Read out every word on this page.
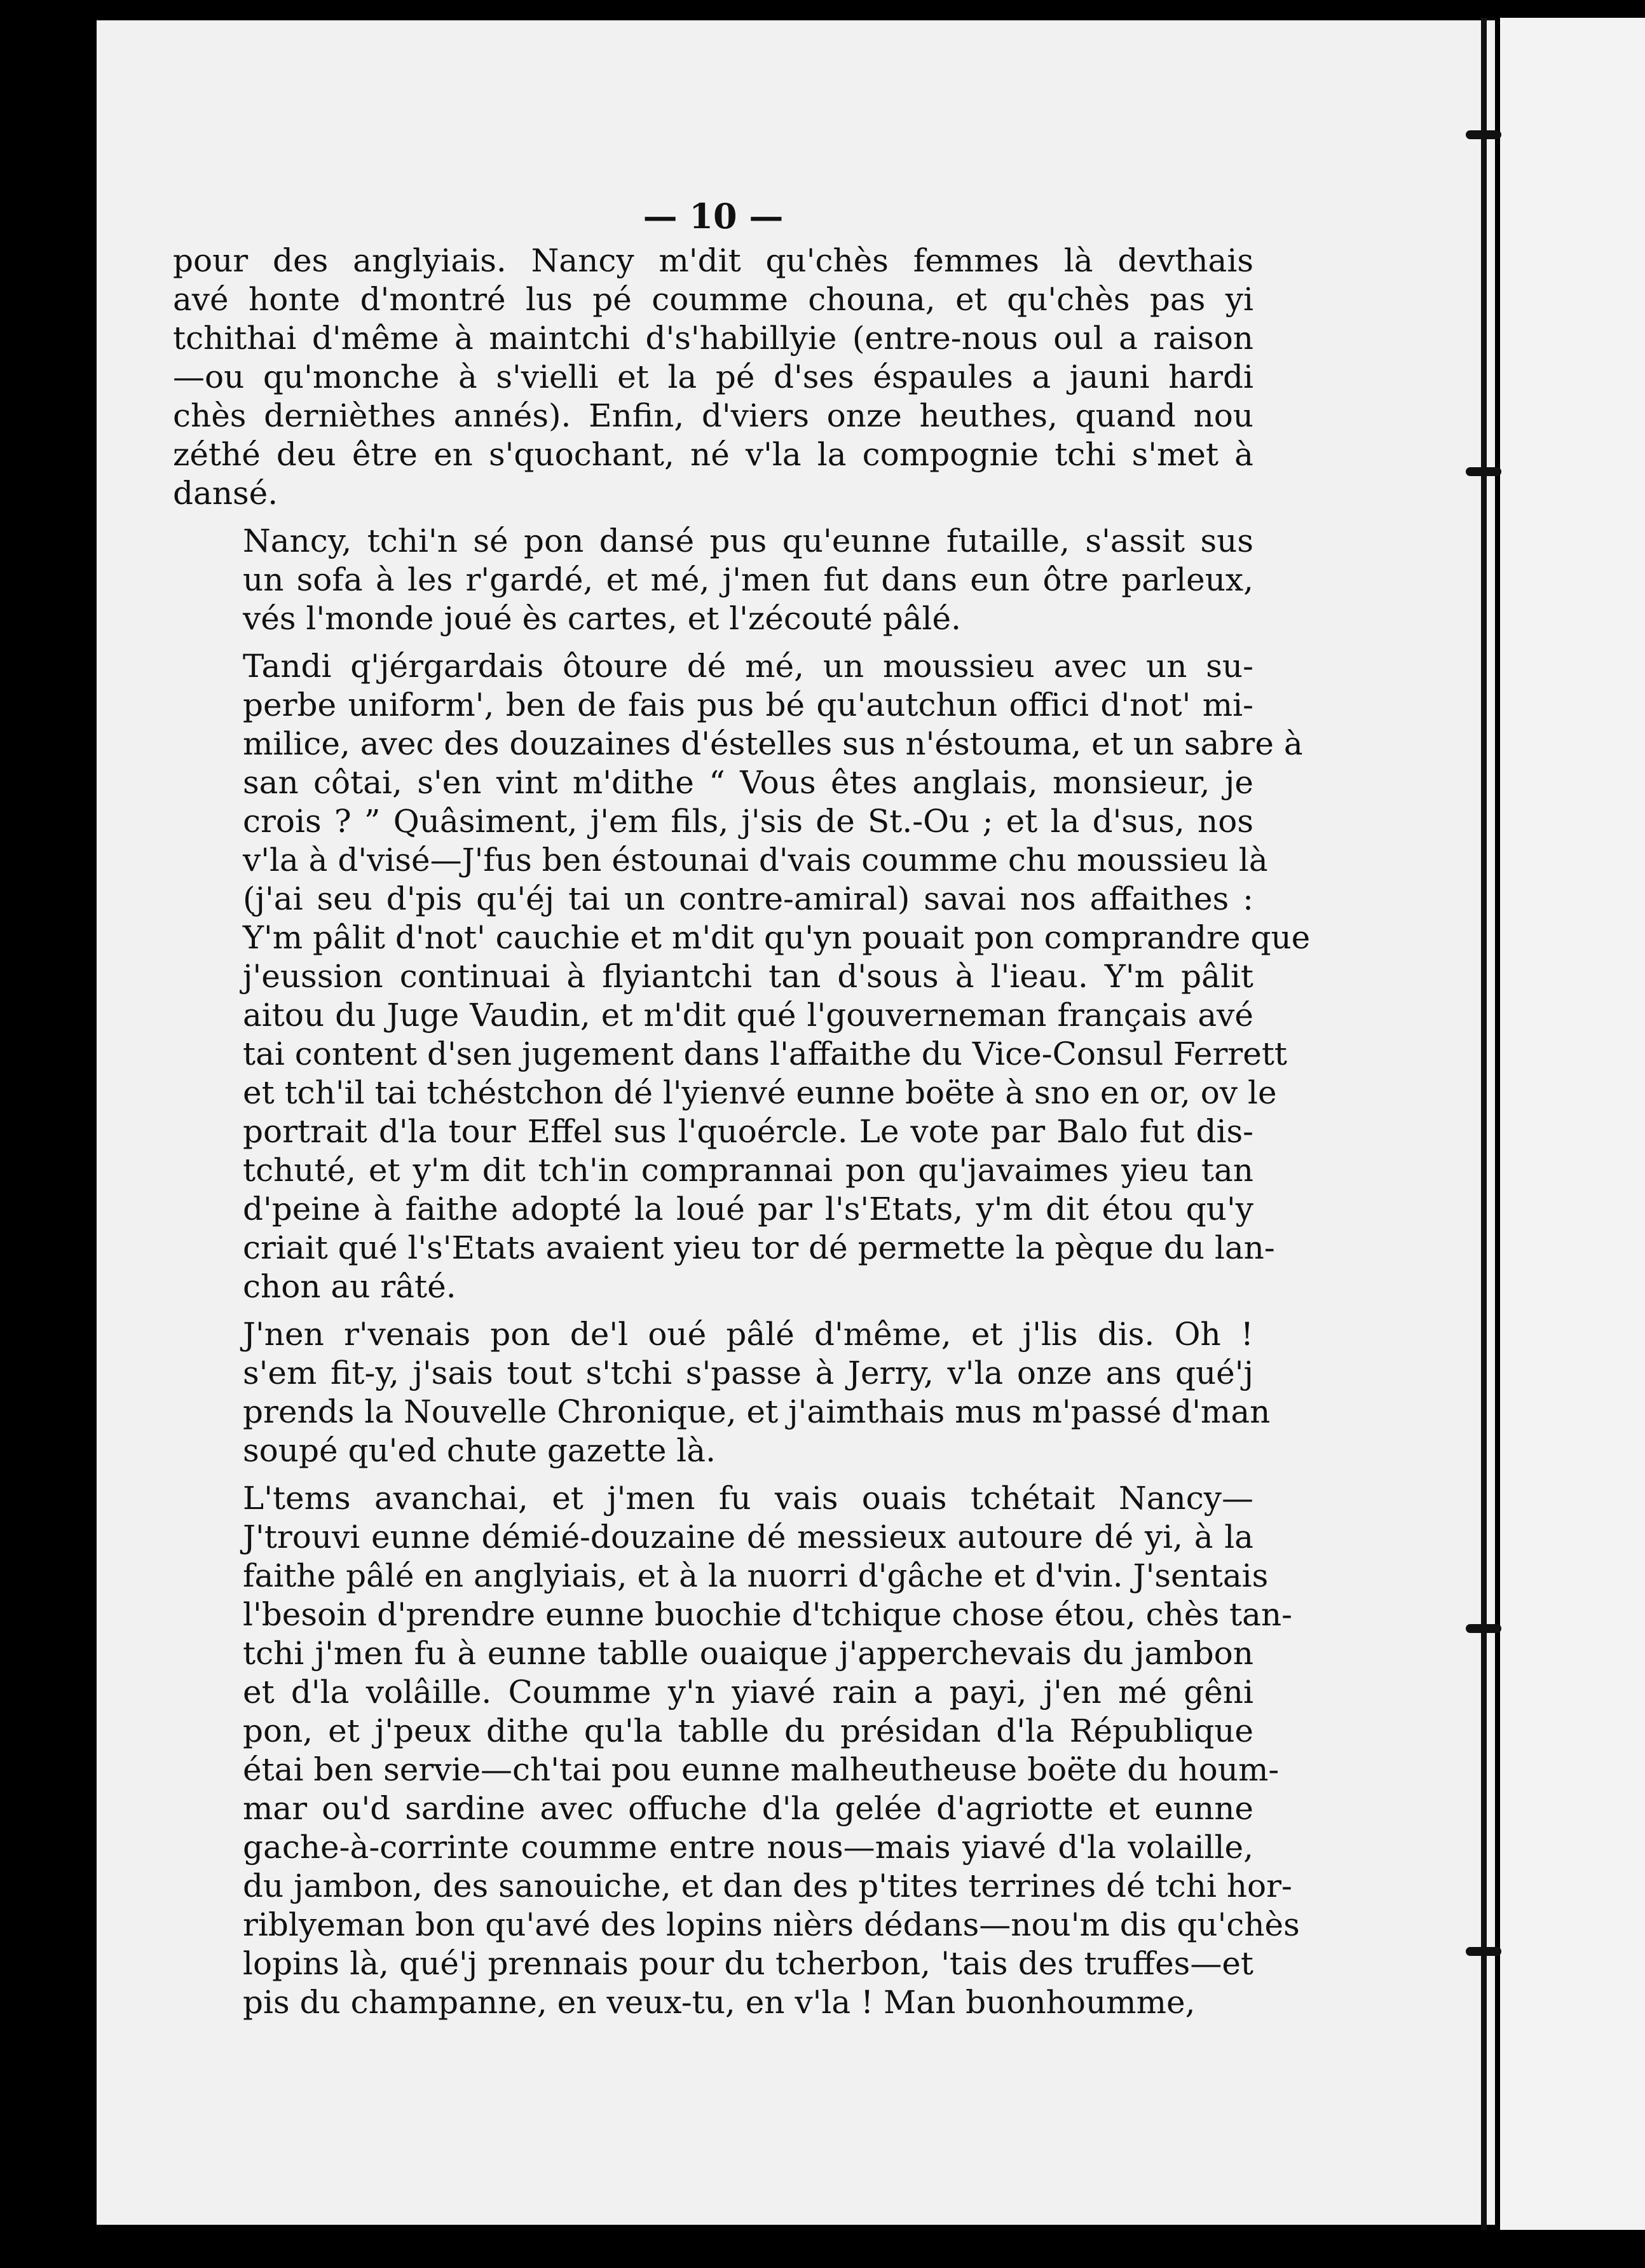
— 10 —
pour des anglyiais. Nancy m'dit qu'chès femmes là devthais
avé honte d'montré lus pé coumme chouna, et qu'chès pas yi
tchithai d'même à maintchi d's'habillyie (entre-nous oul a raison
—ou qu'monche à s'vielli et la pé d'ses éspaules a jauni hardi
chès dernièthes annés). Enfin, d'viers onze heuthes, quand nou
zéthé deu être en s'quochant, né v'la la compognie tchi s'met à
dansé.
Nancy, tchi'n sé pon dansé pus qu'eunne futaille, s'assit sus
un sofa à les r'gardé, et mé, j'men fut dans eun ôtre parleux,
vés l'monde joué ès cartes, et l'zécouté pâlé.
Tandi q'jérgardais ôtoure dé mé, un moussieu avec un su-
perbe uniform', ben de fais pus bé qu'autchun offici d'not' mi-
milice, avec des douzaines d'éstelles sus n'éstouma, et un sabre à
san côtai, s'en vint m'dithe “ Vous êtes anglais, monsieur, je
crois ? ” Quâsiment, j'em fils, j'sis de St.-Ou ; et la d'sus, nos
v'la à d'visé—J'fus ben éstounai d'vais coumme chu moussieu là
(j'ai seu d'pis qu'éj tai un contre-amiral) savai nos affaithes :
Y'm pâlit d'not' cauchie et m'dit qu'yn pouait pon comprandre que
j'eussion continuai à flyiantchi tan d'sous à l'ieau. Y'm pâlit
aitou du Juge Vaudin, et m'dit qué l'gouverneman français avé
tai content d'sen jugement dans l'affaithe du Vice-Consul Ferrett
et tch'il tai tchéstchon dé l'yienvé eunne boëte à sno en or, ov le
portrait d'la tour Effel sus l'quoércle. Le vote par Balo fut dis-
tchuté, et y'm dit tch'in comprannai pon qu'javaimes yieu tan
d'peine à faithe adopté la loué par l's'Etats, y'm dit étou qu'y
criait qué l's'Etats avaient yieu tor dé permette la pèque du lan-
chon au râté.
J'nen r'venais pon de'l oué pâlé d'même, et j'lis dis. Oh !
s'em fit-y, j'sais tout s'tchi s'passe à Jerry, v'la onze ans qué'j
prends la Nouvelle Chronique, et j'aimthais mus m'passé d'man
soupé qu'ed chute gazette là.
L'tems avanchai, et j'men fu vais ouais tchétait Nancy—
J'trouvi eunne démié-douzaine dé messieux autoure dé yi, à la
faithe pâlé en anglyiais, et à la nuorri d'gâche et d'vin. J'sentais
l'besoin d'prendre eunne buochie d'tchique chose étou, chès tan-
tchi j'men fu à eunne tablle ouaique j'apperchevais du jambon
et d'la volâille. Coumme y'n yiavé rain a payi, j'en mé gêni
pon, et j'peux dithe qu'la tablle du présidan d'la République
étai ben servie—ch'tai pou eunne malheutheuse boëte du houm-
mar ou'd sardine avec offuche d'la gelée d'agriotte et eunne
gache-à-corrinte coumme entre nous—mais yiavé d'la volaille,
du jambon, des sanouiche, et dan des p'tites terrines dé tchi hor-
riblyeman bon qu'avé des lopins nièrs dédans—nou'm dis qu'chès
lopins là, qué'j prennais pour du tcherbon, 'tais des truffes—et
pis du champanne, en veux-tu, en v'la ! Man buonhoumme,
